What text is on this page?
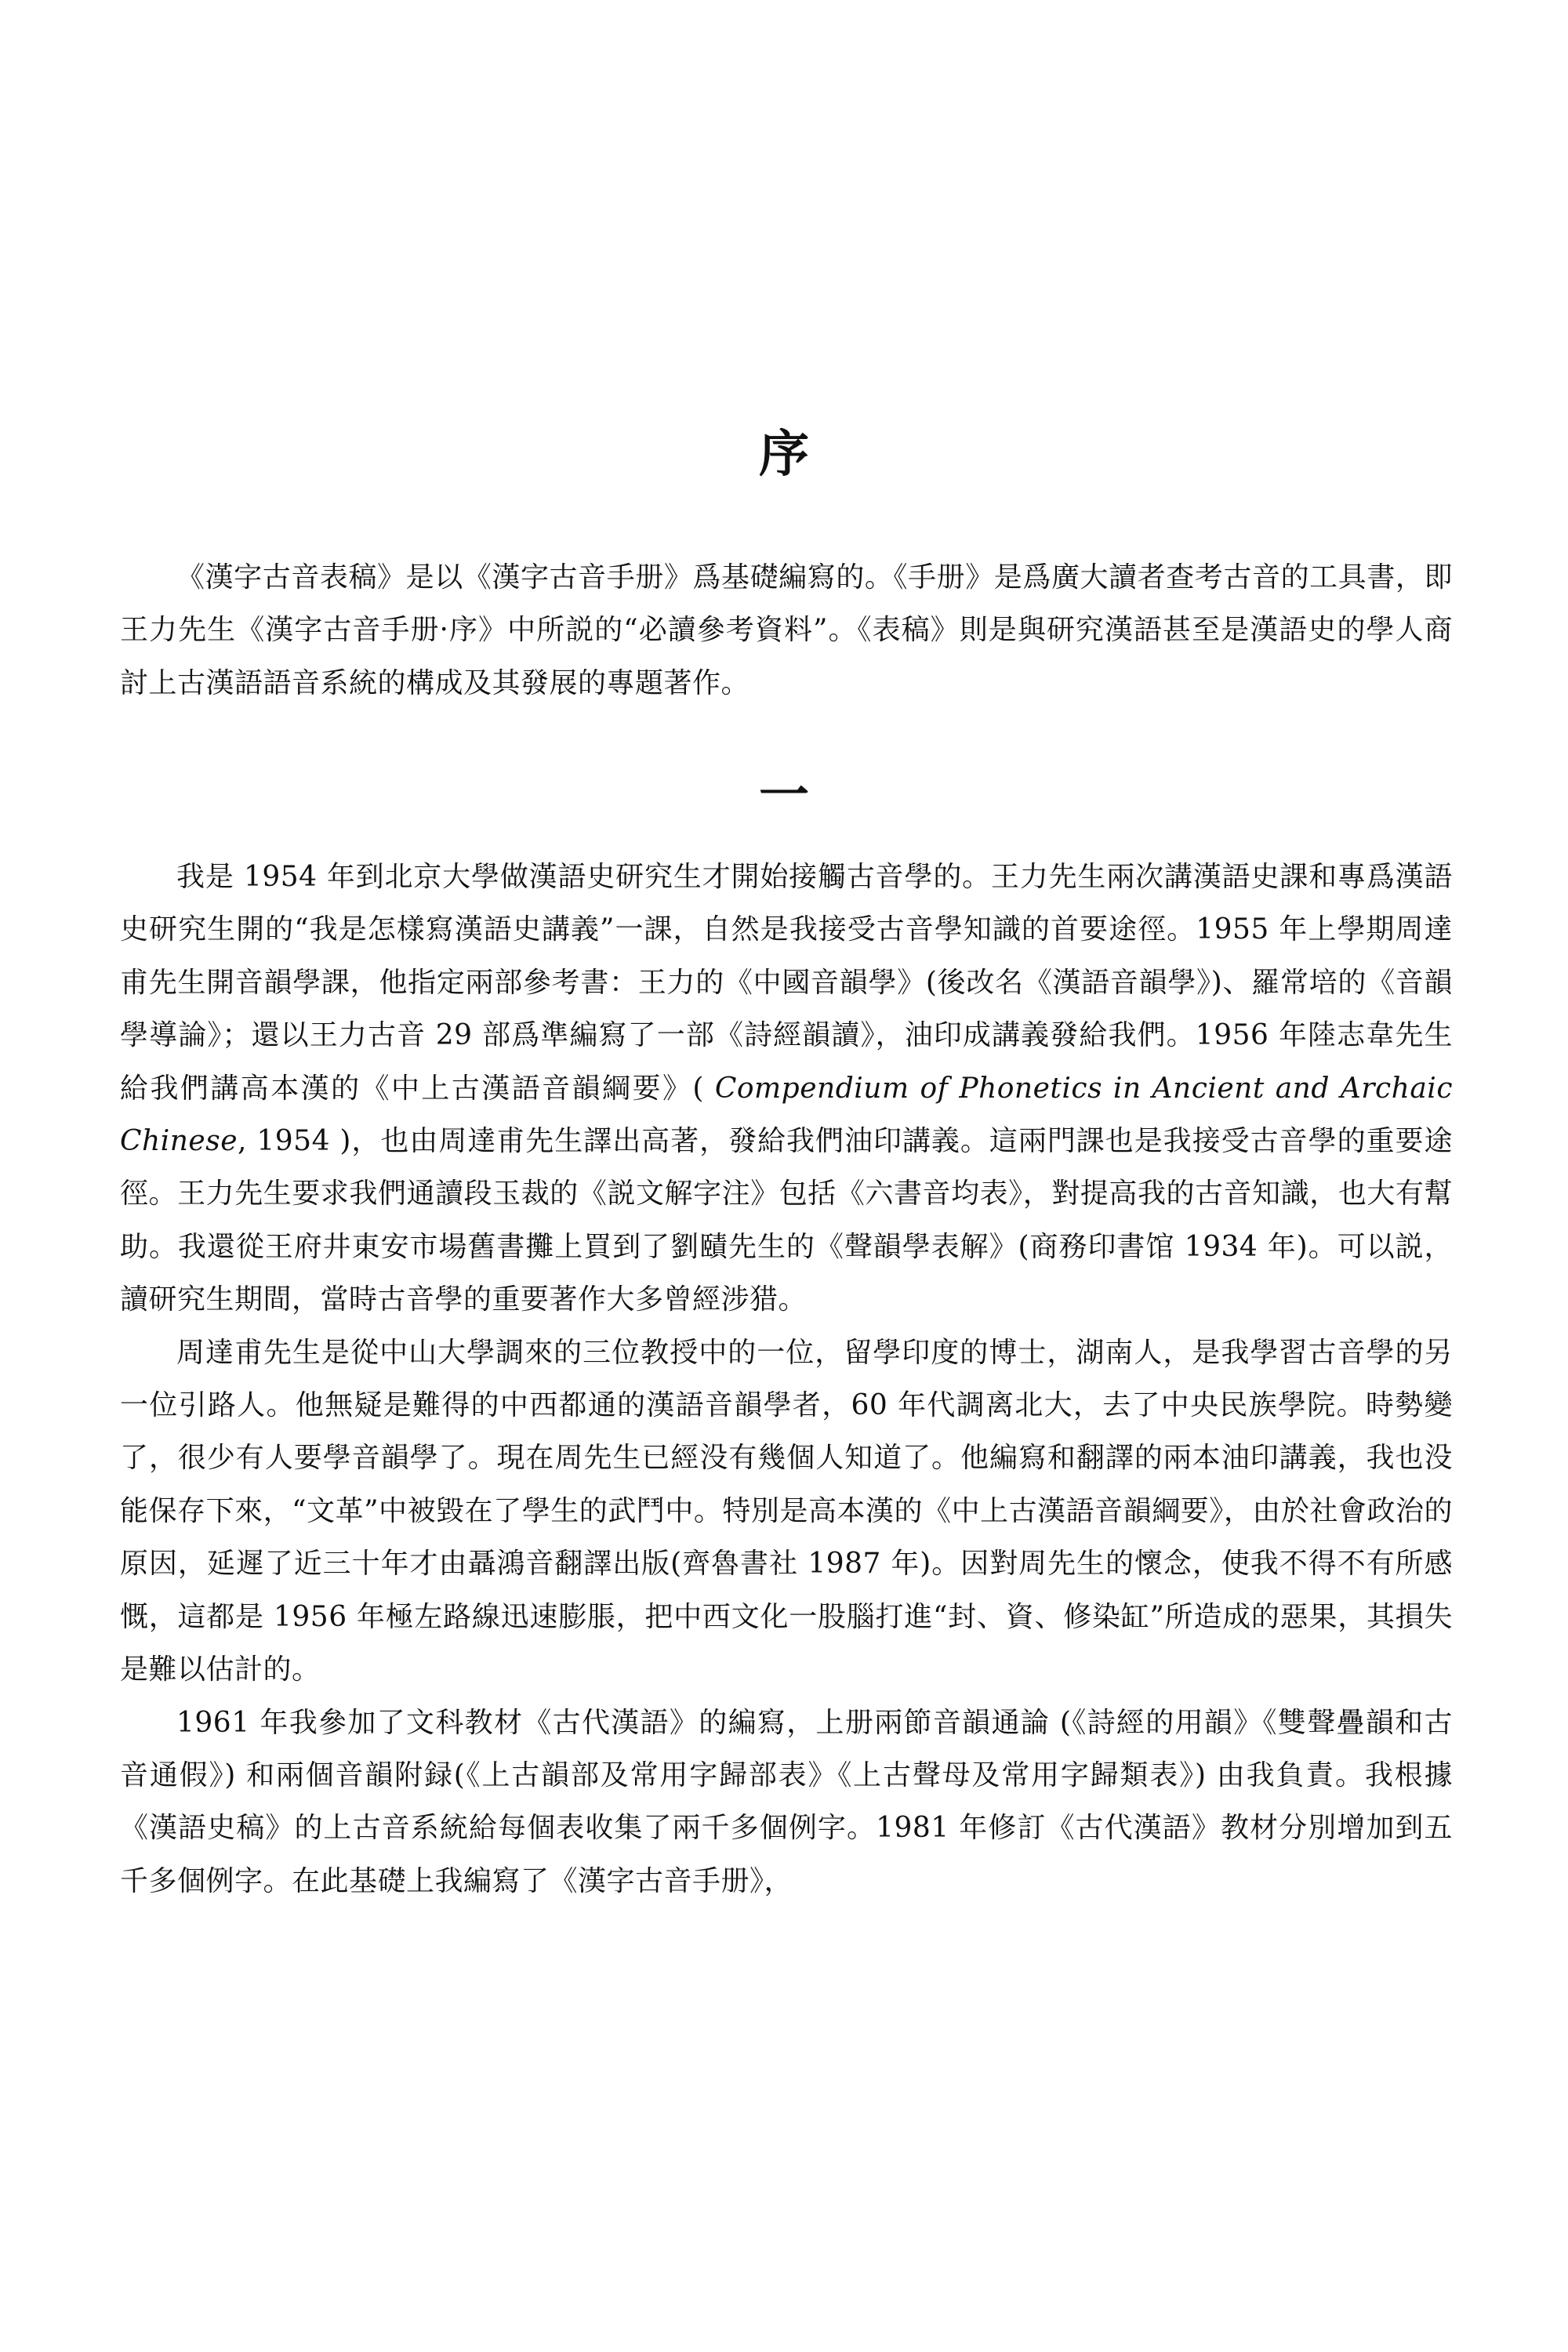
序

《漢字古音表稿》是以《漢字古音手册》爲基礎編寫的。《手册》是爲廣大讀者查考古音的工具書，即王力先生《漢字古音手册·序》中所説的“必讀參考資料”。《表稿》則是與研究漢語甚至是漢語史的學人商討上古漢語語音系統的構成及其發展的專題著作。

一

我是 1954 年到北京大學做漢語史研究生才開始接觸古音學的。王力先生兩次講漢語史課和專爲漢語史研究生開的“我是怎樣寫漢語史講義”一課，自然是我接受古音學知識的首要途徑。1955 年上學期周達甫先生開音韻學課，他指定兩部參考書：王力的《中國音韻學》(後改名《漢語音韻學》)、羅常培的《音韻學導論》；還以王力古音 29 部爲準編寫了一部《詩經韻讀》，油印成講義發給我們。1956 年陸志韋先生給我們講高本漢的《中上古漢語音韻綱要》( Compendium of Phonetics in Ancient and Archaic Chinese, 1954 )，也由周達甫先生譯出高著，發給我們油印講義。這兩門課也是我接受古音學的重要途徑。王力先生要求我們通讀段玉裁的《説文解字注》包括《六書音均表》，對提高我的古音知識，也大有幫助。我還從王府井東安市場舊書攤上買到了劉賾先生的《聲韻學表解》(商務印書馆 1934 年)。可以説，讀研究生期間，當時古音學的重要著作大多曾經涉猎。

周達甫先生是從中山大學調來的三位教授中的一位，留學印度的博士，湖南人，是我學習古音學的另一位引路人。他無疑是難得的中西都通的漢語音韻學者，60 年代調离北大，去了中央民族學院。時勢變了，很少有人要學音韻學了。現在周先生已經没有幾個人知道了。他編寫和翻譯的兩本油印講義，我也没能保存下來，“文革”中被毀在了學生的武鬥中。特別是高本漢的《中上古漢語音韻綱要》，由於社會政治的原因，延遲了近三十年才由聶鴻音翻譯出版(齊魯書社 1987 年)。因對周先生的懷念，使我不得不有所感慨，這都是 1956 年極左路線迅速膨脹，把中西文化一股腦打進“封、資、修染缸”所造成的惡果，其損失是難以估計的。

1961 年我參加了文科教材《古代漢語》的編寫，上册兩節音韻通論 (《詩經的用韻》《雙聲疊韻和古音通假》) 和兩個音韻附録(《上古韻部及常用字歸部表》《上古聲母及常用字歸類表》) 由我負責。我根據《漢語史稿》的上古音系統給每個表收集了兩千多個例字。1981 年修訂《古代漢語》教材分別增加到五千多個例字。在此基礎上我編寫了《漢字古音手册》，
